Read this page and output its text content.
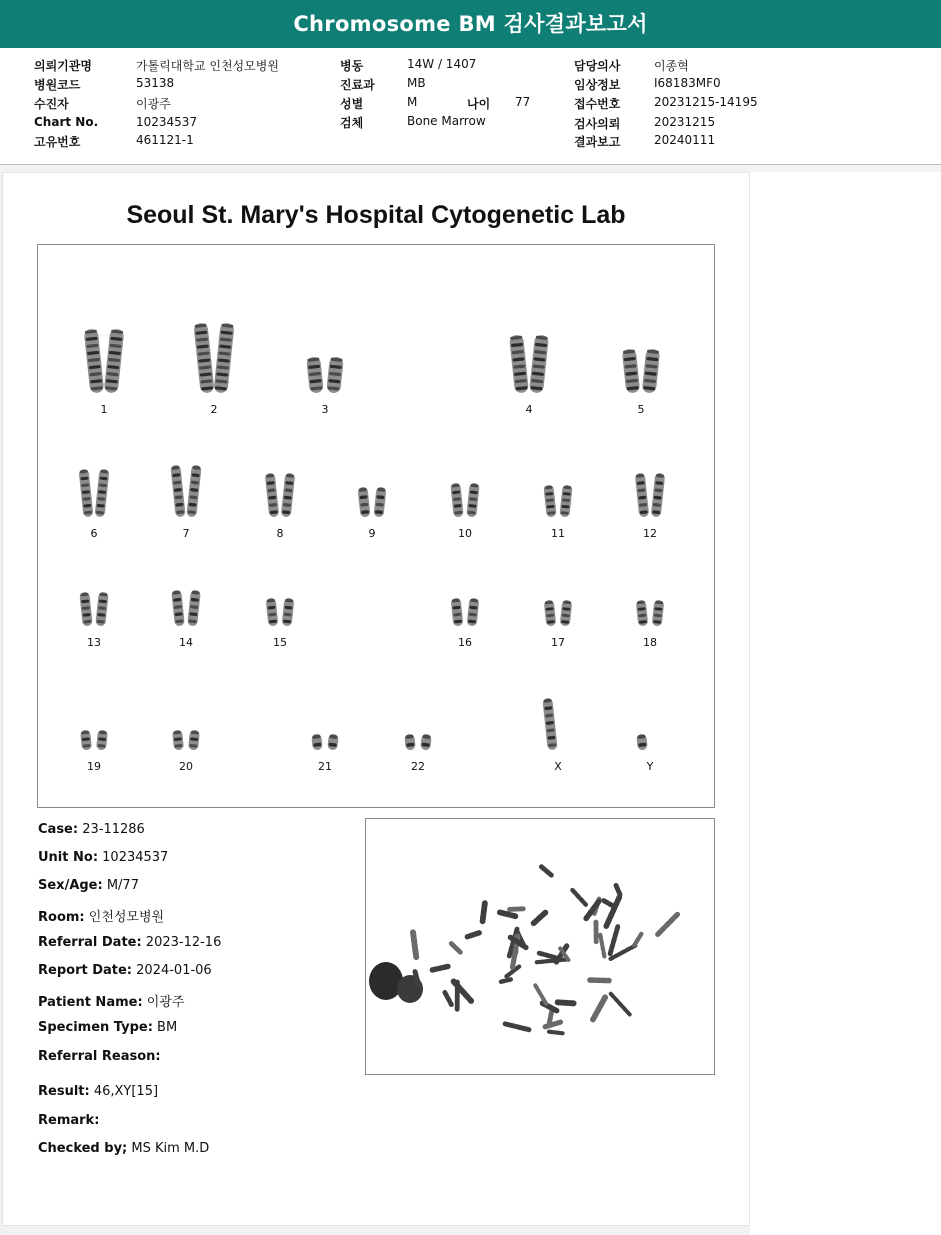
Chromosome BM 검사결과보고서
의뢰기관명	가톨릭대학교 인천성모병원
병원코드	53138
수진자	이광주
Chart No.	10234537
고유번호	461121-1
병동	14W / 1407
진료과	MB
성별	M	나이 77
검체	Bone Marrow
담당의사	이종혁
임상정보	I68183MF0
접수번호	20231215-14195
검사의뢰	20231215
결과보고	20240111
Seoul St. Mary's Hospital Cytogenetic Lab
1	2	3	4	5
6	7	8	9	10	11	12
13	14	15	16	17	18
19	20	21	22	X	Y
Case: 23-11286
Unit No: 10234537
Sex/Age: M/77
Room: 인천성모병원
Referral Date: 2023-12-16
Report Date: 2024-01-06
Patient Name: 이광주
Specimen Type: BM
Referral Reason:
Result: 46,XY[15]
Remark:
Checked by; MS Kim M.D
